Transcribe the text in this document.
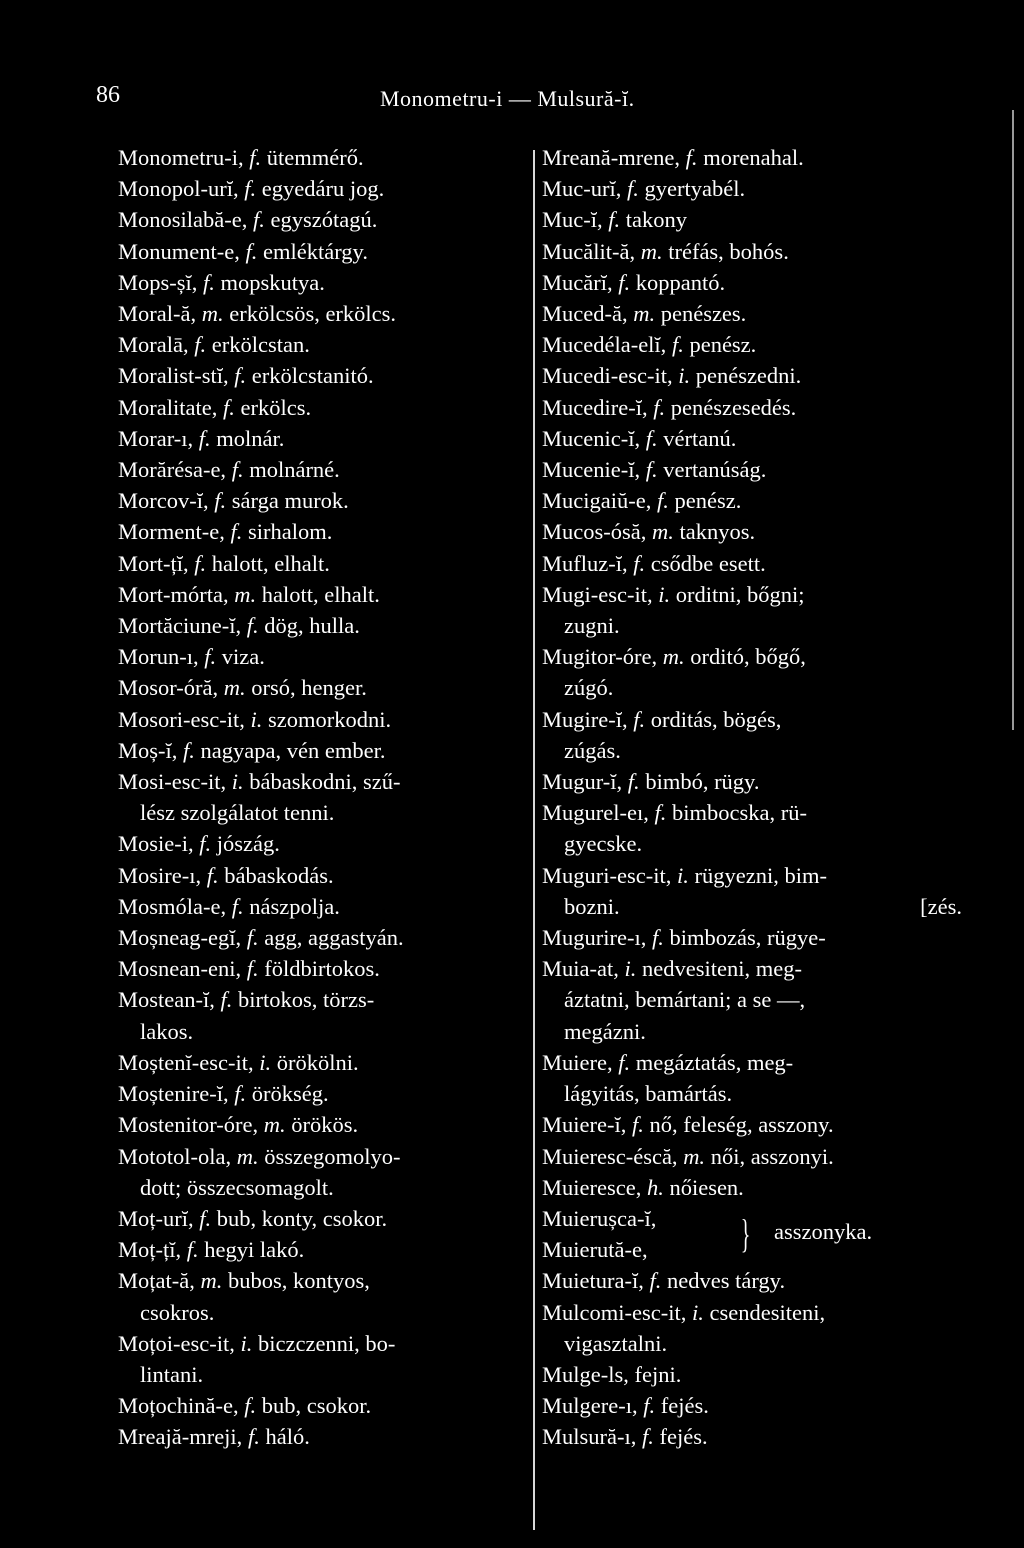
86	Monometru-i — Mulsură-ĭ.
Monometru-i, f. ütemmérő.
Monopol-urĭ, f. egyedáru jog.
Monosilabă-e, f. egyszótagú.
Monument-e, f. emléktárgy.
Mops-șĭ, f. mopskutya.
Moral-ă, m. erkölcsös, erkölcs.
Moralā, f. erkölcstan.
Moralist-stĭ, f. erkölcstanitó.
Moralitate, f. erkölcs.
Morar-ı, f. molnár.
Morărésa-e, f. molnárné.
Morcov-ĭ, f. sárga murok.
Morment-e, f. sirhalom.
Mort-țĭ, f. halott, elhalt.
Mort-mórta, m. halott, elhalt.
Mortăciune-ĭ, f. dög, hulla.
Morun-ı, f. viza.
Mosor-óră, m. orsó, henger.
Mosori-esc-it, i. szomorkodni.
Moș-ĭ, f. nagyapa, vén ember.
Mosi-esc-it, i. bábaskodni, szű-
lész szolgálatot tenni.
Mosie-i, f. jószág.
Mosire-ı, f. bábaskodás.
Mosmóla-e, f. nászpolja.
Moșneag-egĭ, f. agg, aggastyán.
Mosnean-eni, f. földbirtokos.
Mostean-ĭ, f. birtokos, törzs-
lakos.
Moștenĭ-esc-it, i. örökölni.
Moștenire-ĭ, f. örökség.
Mostenitor-óre, m. örökös.
Mototol-ola, m. összegomolyo-
dott; összecsomagolt.
Moț-urĭ, f. bub, konty, csokor.
Moț-țĭ, f. hegyi lakó.
Moțat-ă, m. bubos, kontyos,
csokros.
Moțoi-esc-it, i. biczczenni, bo-
lintani.
Moțochină-e, f. bub, csokor.
Mreajă-mreji, f. háló.
Mreană-mrene, f. morenahal.
Muc-urĭ, f. gyertyabél.
Muc-ĭ, f. takony
Mucălit-ă, m. tréfás, bohós.
Mucărĭ, f. koppantó.
Muced-ă, m. penészes.
Mucedéla-elĭ, f. penész.
Mucedi-esc-it, i. penészedni.
Mucedire-ĭ, f. penészesedés.
Mucenic-ĭ, f. vértanú.
Mucenie-ĭ, f. vertanúság.
Mucigaiŭ-e, f. penész.
Mucos-ósă, m. taknyos.
Mufluz-ĭ, f. csődbe esett.
Mugi-esc-it, i. orditni, bőgni;
zugni.
Mugitor-óre, m. orditó, bőgő,
zúgó.
Mugire-ĭ, f. orditás, bögés,
zúgás.
Mugur-ĭ, f. bimbó, rügy.
Mugurel-eı, f. bimbocska, rü-
gyecske.
Muguri-esc-it, i. rügyezni, bim-
bozni.	[zés.
Mugurire-ı, f. bimbozás, rügye-
Muia-at, i. nedvesiteni, meg-
áztatni, bemártani; a se —,
megázni.
Muiere, f. megáztatás, meg-
lágyitás, bamártás.
Muiere-ĭ, f. nő, feleség, asszony.
Muieresc-éscă, m. női, asszonyi.
Muieresce, h. nőiesen.
Muierușca-ĭ,
Muierută-e, } asszonyka.
Muietura-ĭ, f. nedves tárgy.
Mulcomi-esc-it, i. csendesiteni,
vigasztalni.
Mulge-ls, fejni.
Mulgere-ı, f. fejés.
Mulsură-ı, f. fejés.
